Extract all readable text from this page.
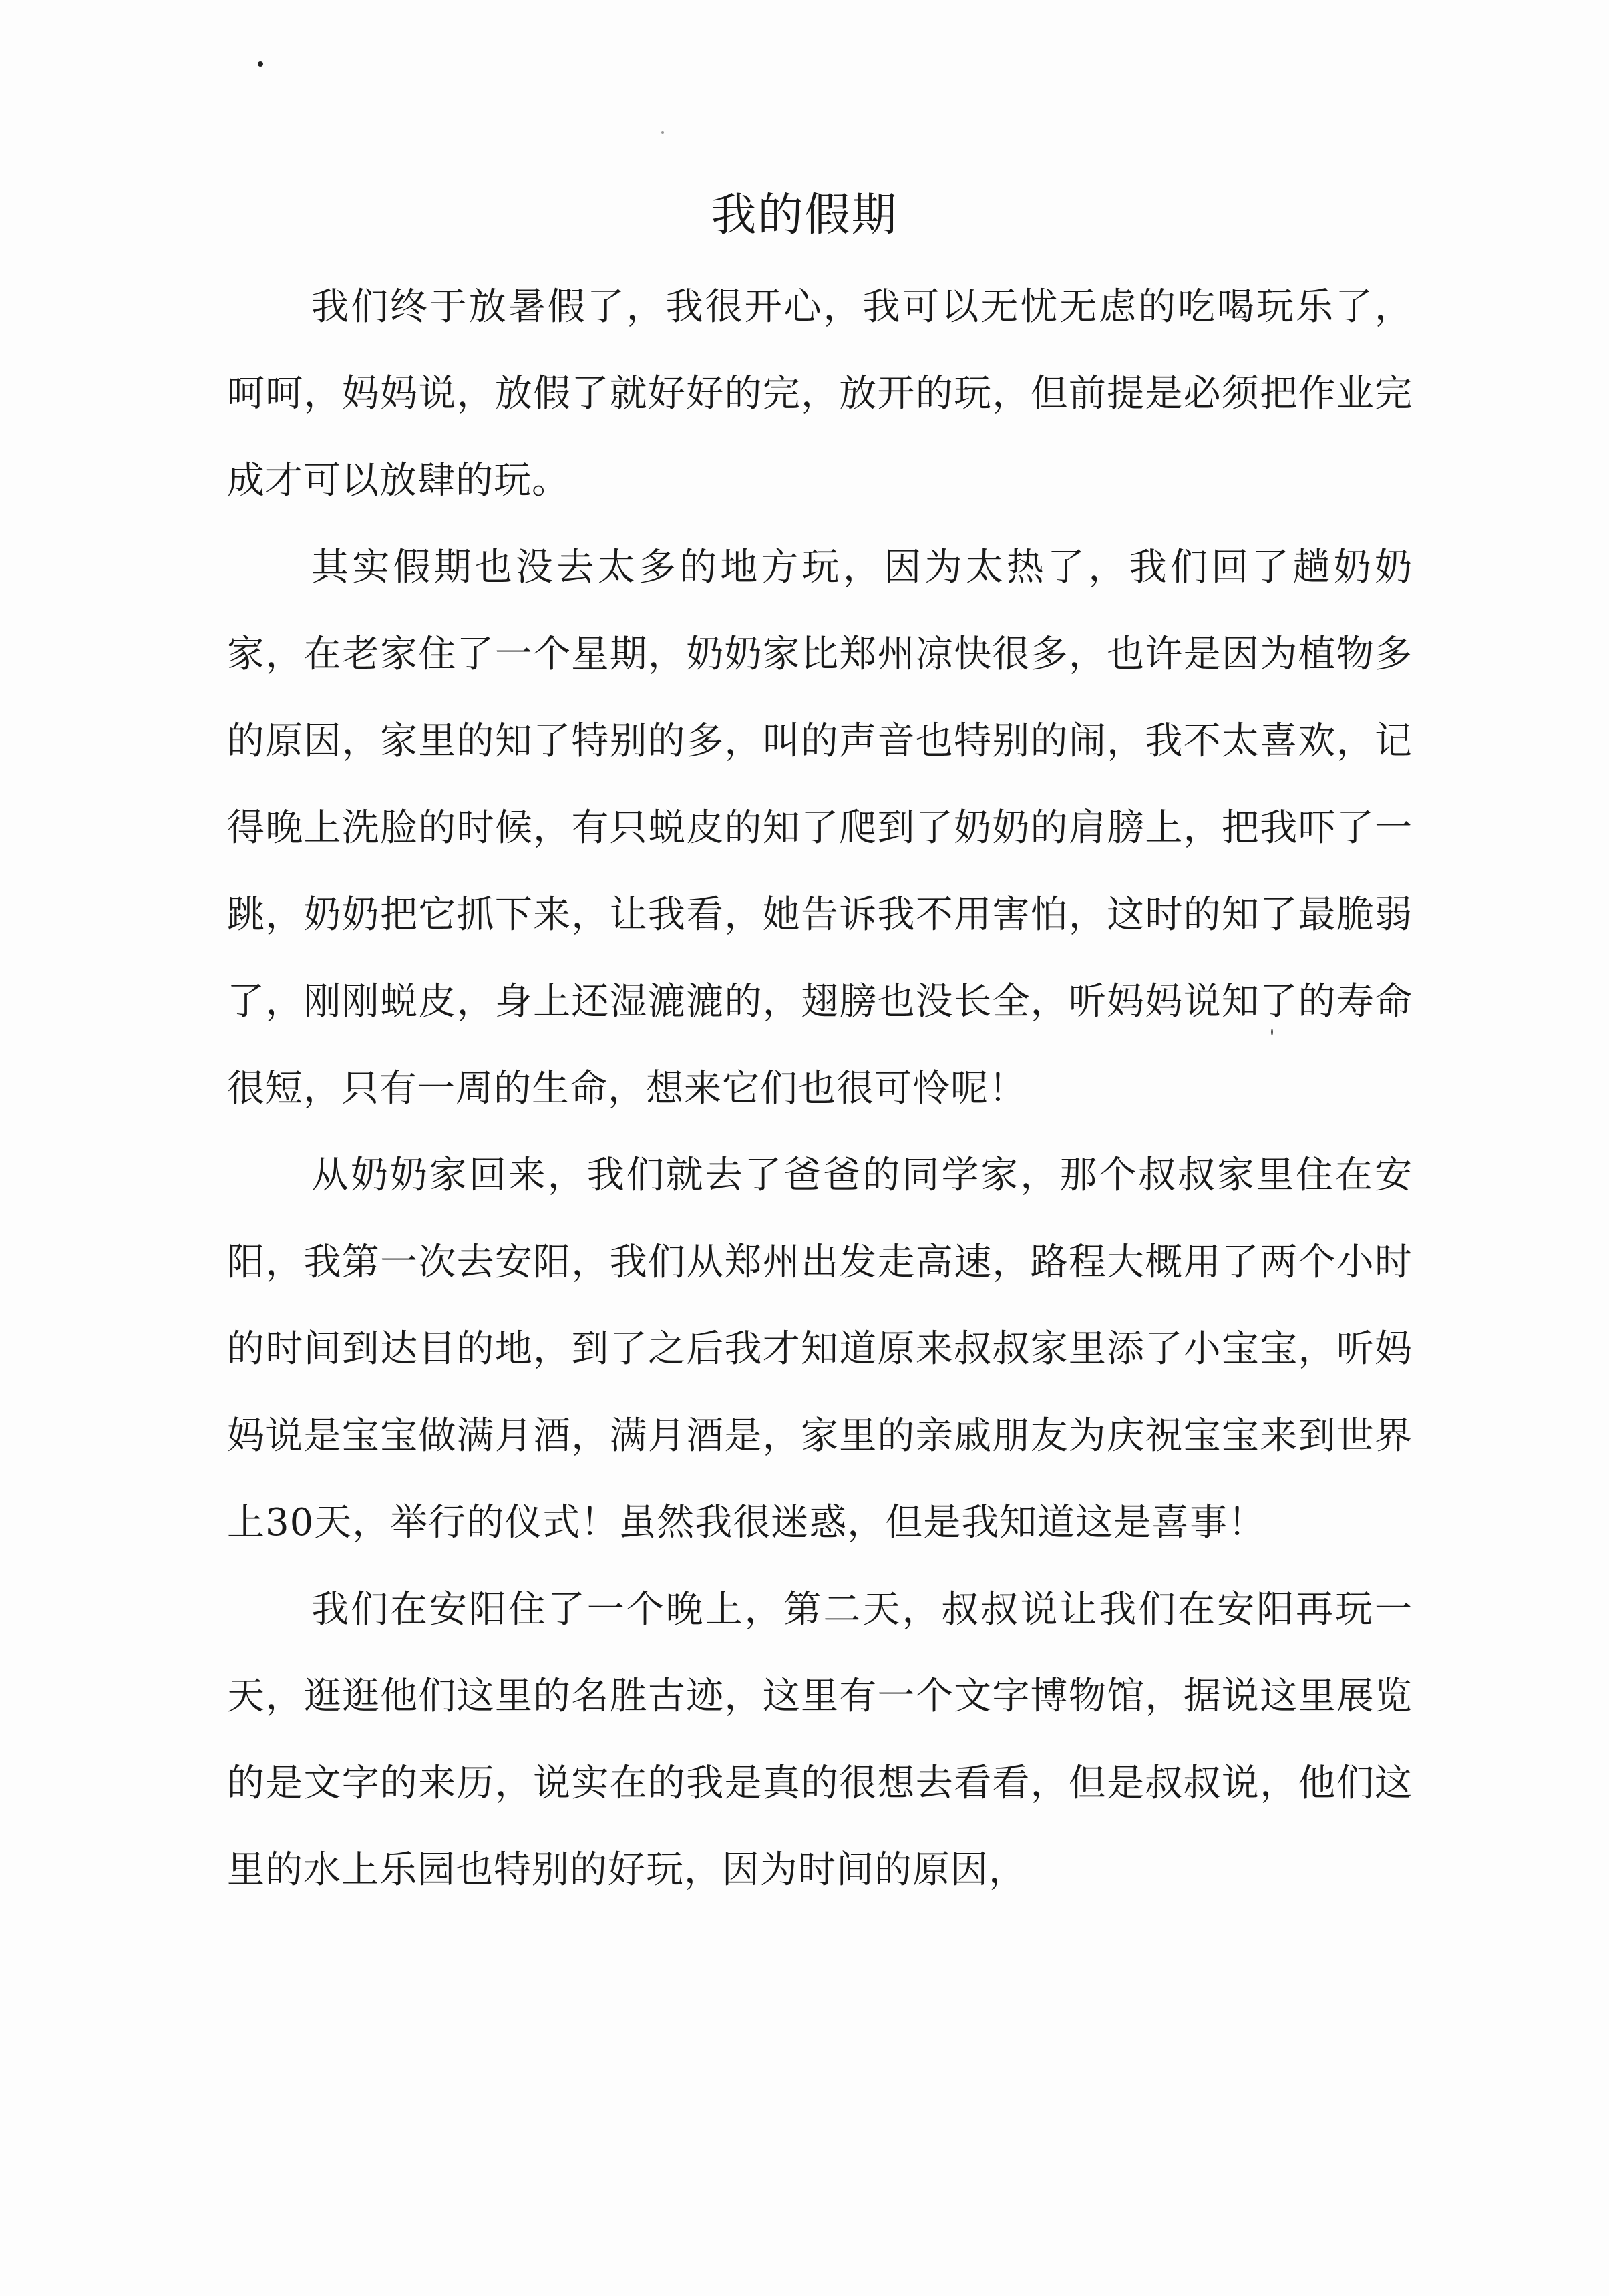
我的假期

我们终于放暑假了，我很开心，我可以无忧无虑的吃喝玩乐了，呵呵，妈妈说，放假了就好好的完，放开的玩，但前提是必须把作业完成才可以放肆的玩。

其实假期也没去太多的地方玩，因为太热了，我们回了趟奶奶家，在老家住了一个星期，奶奶家比郑州凉快很多，也许是因为植物多的原因，家里的知了特别的多，叫的声音也特别的闹，我不太喜欢，记得晚上洗脸的时候，有只蜕皮的知了爬到了奶奶的肩膀上，把我吓了一跳，奶奶把它抓下来，让我看，她告诉我不用害怕，这时的知了最脆弱了，刚刚蜕皮，身上还湿漉漉的，翅膀也没长全，听妈妈说知了的寿命很短，只有一周的生命，想来它们也很可怜呢！

从奶奶家回来，我们就去了爸爸的同学家，那个叔叔家里住在安阳，我第一次去安阳，我们从郑州出发走高速，路程大概用了两个小时的时间到达目的地，到了之后我才知道原来叔叔家里添了小宝宝，听妈妈说是宝宝做满月酒，满月酒是，家里的亲戚朋友为庆祝宝宝来到世界上30天，举行的仪式！虽然我很迷惑，但是我知道这是喜事！

我们在安阳住了一个晚上，第二天，叔叔说让我们在安阳再玩一天，逛逛他们这里的名胜古迹，这里有一个文字博物馆，据说这里展览的是文字的来历，说实在的我是真的很想去看看，但是叔叔说，他们这里的水上乐园也特别的好玩，因为时间的原因，
